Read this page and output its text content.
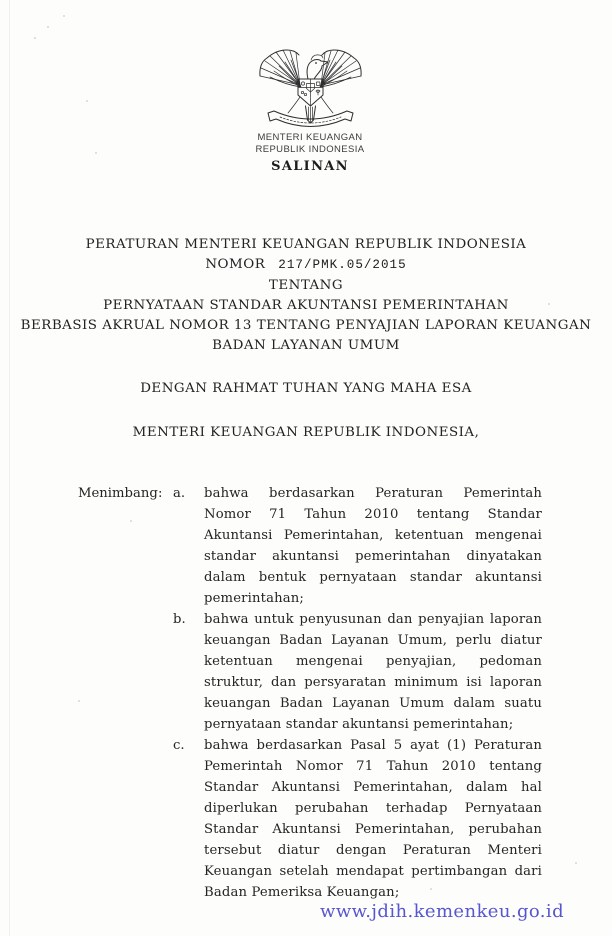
MENTERI KEUANGAN
REPUBLIK INDONESIA
SALINAN
PERATURAN MENTERI KEUANGAN REPUBLIK INDONESIA
NOMOR 217/PMK.05/2015
TENTANG
PERNYATAAN STANDAR AKUNTANSI PEMERINTAHAN
BERBASIS AKRUAL NOMOR 13 TENTANG PENYAJIAN LAPORAN KEUANGAN
BADAN LAYANAN UMUM
DENGAN RAHMAT TUHAN YANG MAHA ESA
MENTERI KEUANGAN REPUBLIK INDONESIA,
Menimbang : a.	bahwa berdasarkan Peraturan Pemerintah Nomor 71 Tahun 2010 tentang Standar Akuntansi Pemerintahan, ketentuan mengenai standar akuntansi pemerintahan dinyatakan dalam bentuk pernyataan standar akuntansi pemerintahan;
b.	bahwa untuk penyusunan dan penyajian laporan keuangan Badan Layanan Umum, perlu diatur ketentuan mengenai penyajian, pedoman struktur, dan persyaratan minimum isi laporan keuangan Badan Layanan Umum dalam suatu pernyataan standar akuntansi pemerintahan;
c.	bahwa berdasarkan Pasal 5 ayat (1) Peraturan Pemerintah Nomor 71 Tahun 2010 tentang Standar Akuntansi Pemerintahan, dalam hal diperlukan perubahan terhadap Pernyataan Standar Akuntansi Pemerintahan, perubahan tersebut diatur dengan Peraturan Menteri Keuangan setelah mendapat pertimbangan dari Badan Pemeriksa Keuangan;
www.jdih.kemenkeu.go.id
